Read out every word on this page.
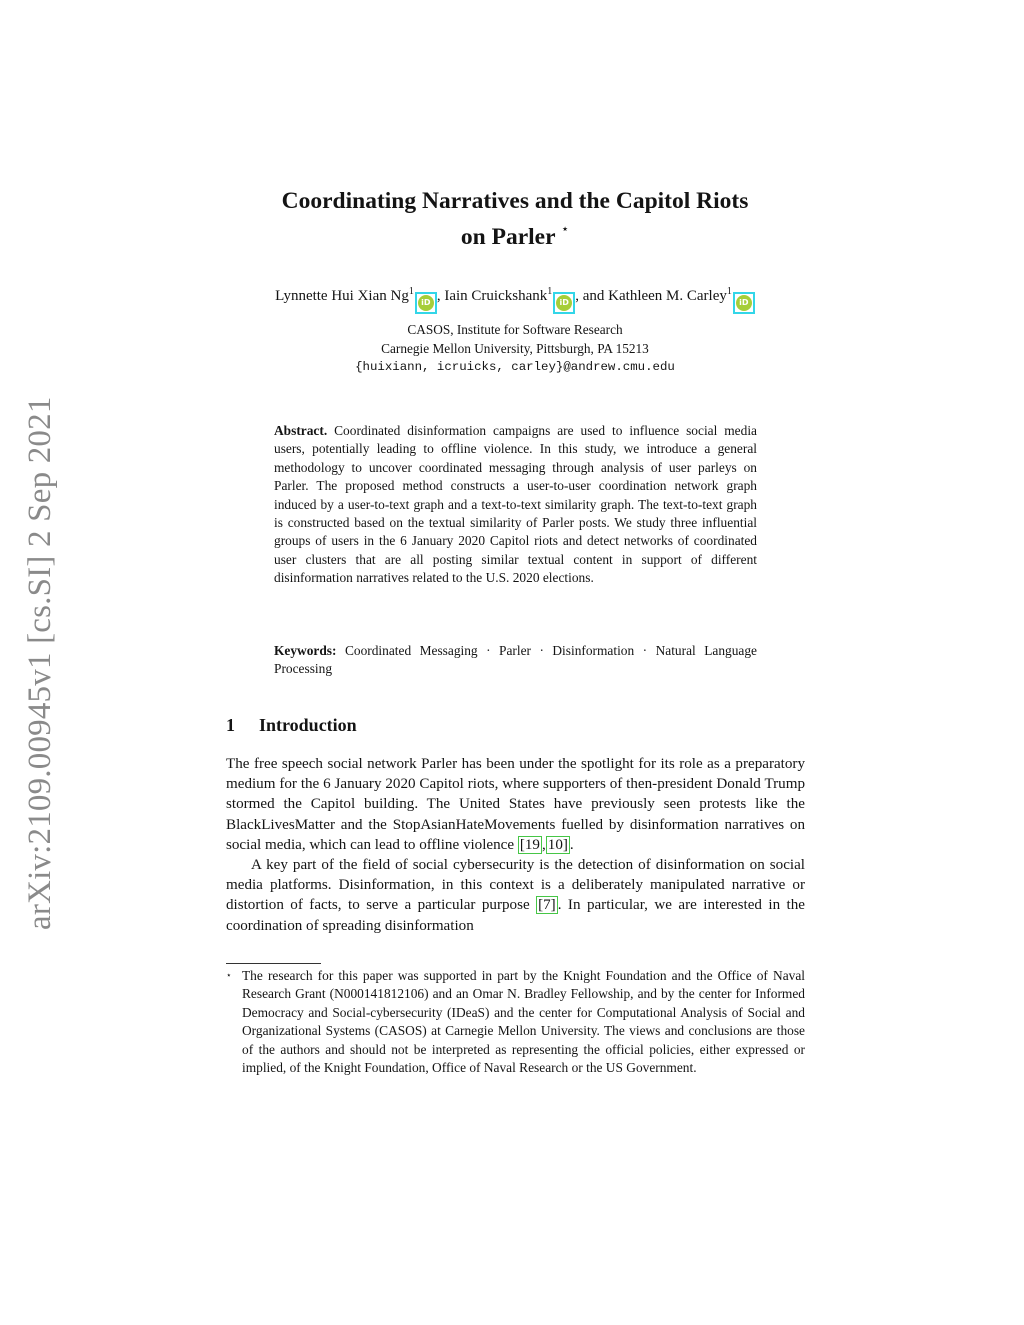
arXiv:2109.00945v1 [cs.SI] 2 Sep 2021
Coordinating Narratives and the Capitol Riots
on Parler ⋆
Lynnette Hui Xian Ng$^1$
iD , Iain Cruickshank$^1$
iD , and Kathleen M. Carley$^1$
iD
CASOS, Institute for Software Research
Carnegie Mellon University, Pittsburgh, PA 15213
{huixiann, icruicks, carley}@andrew.cmu.edu
Abstract. Coordinated disinformation campaigns are used to influence social media users, potentially leading to offline violence. In this study, we introduce a general methodology to uncover coordinated messaging through analysis of user parleys on Parler. The proposed method constructs a user-to-user coordination network graph induced by a user-to-text graph and a text-to-text similarity graph. The text-to-text graph is constructed based on the textual similarity of Parler posts. We study three influential groups of users in the 6 January 2020 Capitol riots and detect networks of coordinated user clusters that are all posting similar textual content in support of different disinformation narratives related to the U.S. 2020 elections.
Keywords: Coordinated Messaging · Parler · Disinformation · Natural Language Processing
1 Introduction

The free speech social network Parler has been under the spotlight for its role as a preparatory medium for the 6 January 2020 Capitol riots, where supporters of then-president Donald Trump stormed the Capitol building. The United States have previously seen protests like the BlackLivesMatter and the StopAsianHateMovements fuelled by disinformation narratives on social media, which can lead to offline violence [19 , 10] .

A key part of the field of social cybersecurity is the detection of disinformation on social media platforms. Disinformation, in this context is a deliberately manipulated narrative or distortion of facts, to serve a particular purpose [7] . In particular, we are interested in the coordination of spreading disinformation

⋆ The research for this paper was supported in part by the Knight Foundation and the Office of Naval Research Grant (N000141812106) and an Omar N. Bradley Fellowship, and by the center for Informed Democracy and Social-cybersecurity (IDeaS) and the center for Computational Analysis of Social and Organizational Systems (CASOS) at Carnegie Mellon University. The views and conclusions are those of the authors and should not be interpreted as representing the official policies, either expressed or implied, of the Knight Foundation, Office of Naval Research or the US Government.
